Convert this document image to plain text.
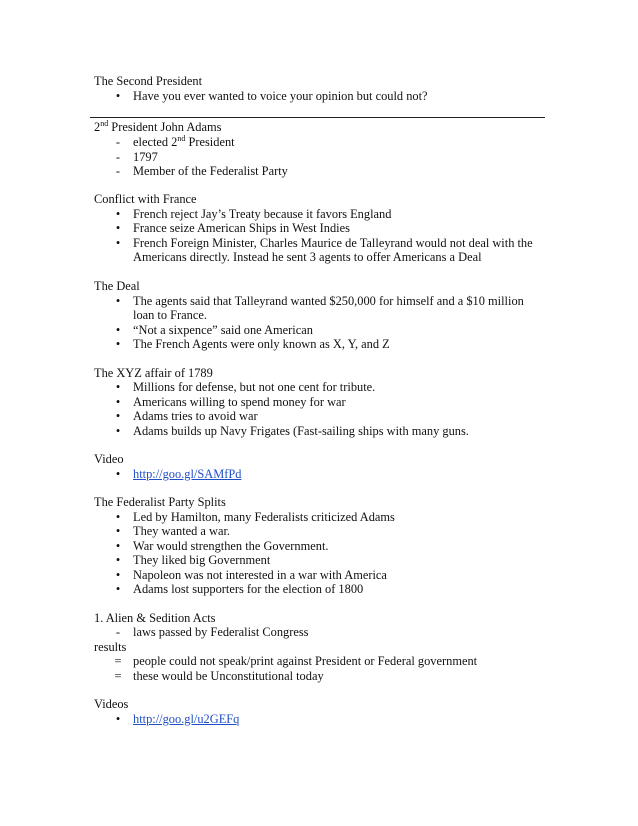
The Second President
•	Have you ever wanted to voice your opinion but could not?
2nd President John Adams
-	elected 2nd President
-	1797
-	Member of the Federalist Party
Conflict with France
•	French reject Jay’s Treaty because it favors England
•	France seize American Ships in West Indies
•	French Foreign Minister, Charles Maurice de Talleyrand would not deal with the
Americans directly. Instead he sent 3 agents to offer Americans a Deal
The Deal
•	The agents said that Talleyrand wanted $250,000 for himself and a $10 million
loan to France.
•	“Not a sixpence” said one American
•	The French Agents were only known as X, Y, and Z
The XYZ affair of 1789
•	Millions for defense, but not one cent for tribute.
•	Americans willing to spend money for war
•	Adams tries to avoid war
•	Adams builds up Navy Frigates (Fast-sailing ships with many guns.
Video
•	http://goo.gl/SAMfPd
The Federalist Party Splits
•	Led by Hamilton, many Federalists criticized Adams
•	They wanted a war.
•	War would strengthen the Government.
•	They liked big Government
•	Napoleon was not interested in a war with America
•	Adams lost supporters for the election of 1800
1. Alien & Sedition Acts
-	laws passed by Federalist Congress
results
= people could not speak/print against President or Federal government
= these would be Unconstitutional today
Videos
•	http://goo.gl/u2GEFq
